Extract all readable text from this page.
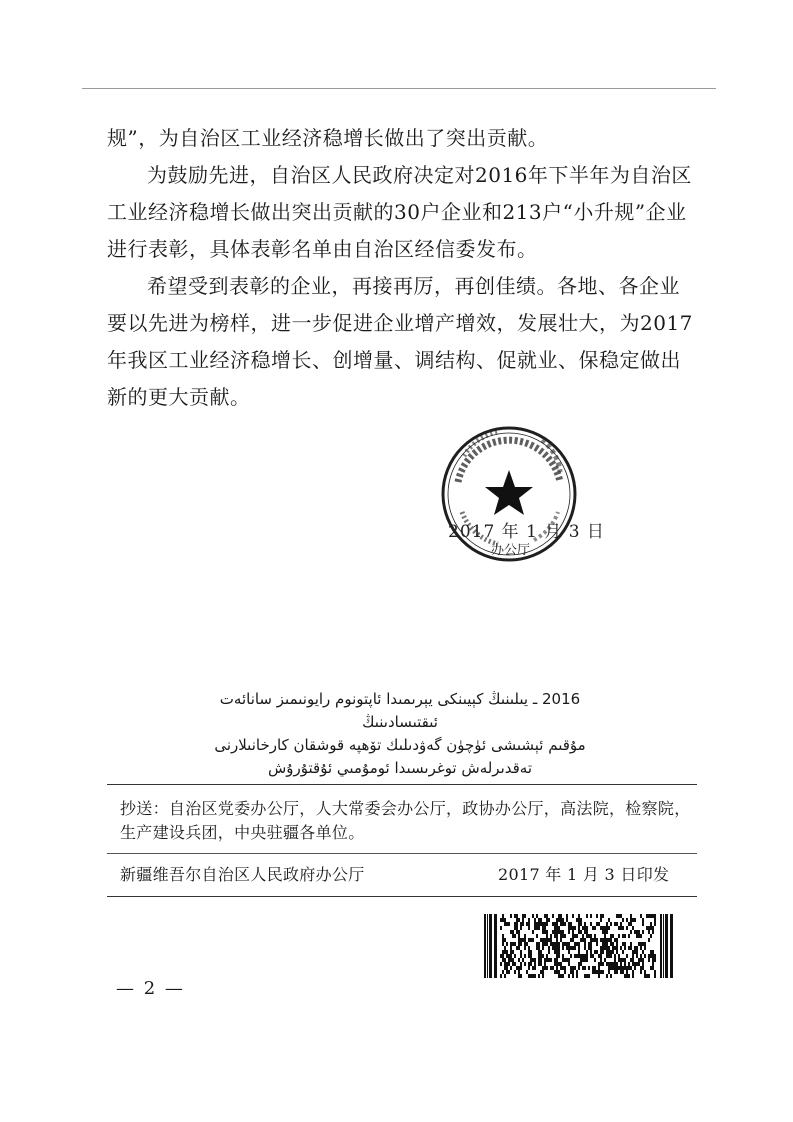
规”，为自治区工业经济稳增长做出了突出贡献。

为鼓励先进，自治区人民政府决定对2016年下半年为自治区工业经济稳增长做出突出贡献的30户企业和213户“小升规”企业进行表彰，具体表彰名单由自治区经信委发布。

希望受到表彰的企业，再接再厉，再创佳绩。各地、各企业要以先进为榜样，进一步促进企业增产增效，发展壮大，为2017年我区工业经济稳增长、创增量、调结构、促就业、保稳定做出新的更大贡献。

办公厅
2017 年 1 月 3 日
2016 ـ يىلىنىڭ كېيىنكى يېرىمىدا ئاپتونوم رايونىمىز سانائەت ئىقتىسادىنىڭ
مۇقىم ئېشىشى ئۈچۈن گەۋدىلىك تۆھپە قوشقان كارخانىلارنى
تەقدىرلەش توغرىسىدا ئومۇمىي ئۇقتۇرۇش
抄送：自治区党委办公厅，人大常委会办公厅，政协办公厅，高法院，检察院，生产建设兵团，中央驻疆各单位。
新疆维吾尔自治区人民政府办公厅	2017 年 1 月 3 日印发
— 2 —
